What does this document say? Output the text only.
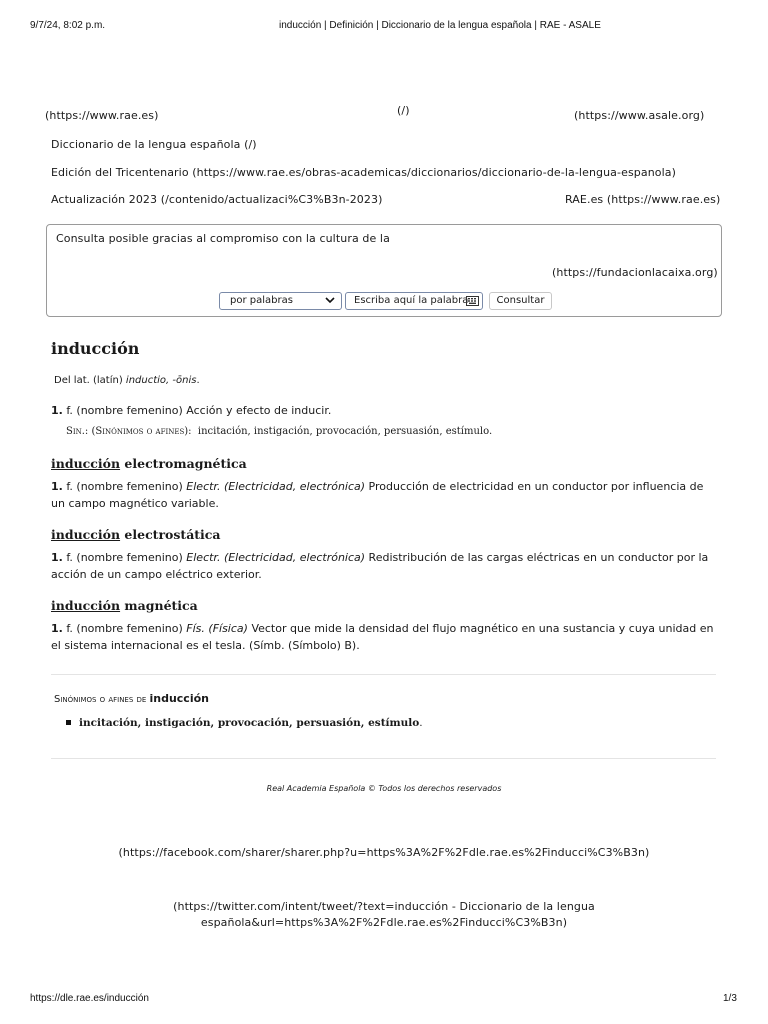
9/7/24, 8:02 p.m.	inducción | Definición | Diccionario de la lengua española | RAE - ASALE
(https://www.rae.es)	(/)	(https://www.asale.org)
Diccionario de la lengua española (/)
Edición del Tricentenario (https://www.rae.es/obras-academicas/diccionarios/diccionario-de-la-lengua-espanola)
Actualización 2023 (/contenido/actualizaci%C3%B3n-2023)	RAE.es (https://www.rae.es)
Consulta posible gracias al compromiso con la cultura de la
(https://fundacionlacaixa.org)
por palabras	Escriba aquí la palabra	Consultar
inducción
Del lat. (latín) inductio, -ōnis.
1. f. (nombre femenino) Acción y efecto de inducir.
Sin.: (Sinónimos o afines): incitación, instigación, provocación, persuasión, estímulo.
inducción electromagnética
1. f. (nombre femenino) Electr. (Electricidad, electrónica) Producción de electricidad en un conductor por influencia de un campo magnético variable.
inducción electrostática
1. f. (nombre femenino) Electr. (Electricidad, electrónica) Redistribución de las cargas eléctricas en un conductor por la acción de un campo eléctrico exterior.
inducción magnética
1. f. (nombre femenino) Fís. (Física) Vector que mide la densidad del flujo magnético en una sustancia y cuya unidad en el sistema internacional es el tesla. (Símb. (Símbolo) B).
Sinónimos o afines de inducción
incitación, instigación, provocación, persuasión, estímulo.
Real Academia Española © Todos los derechos reservados
(https://facebook.com/sharer/sharer.php?u=https%3A%2F%2Fdle.rae.es%2Finducci%C3%B3n)
(https://twitter.com/intent/tweet/?text=inducción - Diccionario de la lengua
española&url=https%3A%2F%2Fdle.rae.es%2Finducci%C3%B3n)
https://dle.rae.es/inducción	1/3
